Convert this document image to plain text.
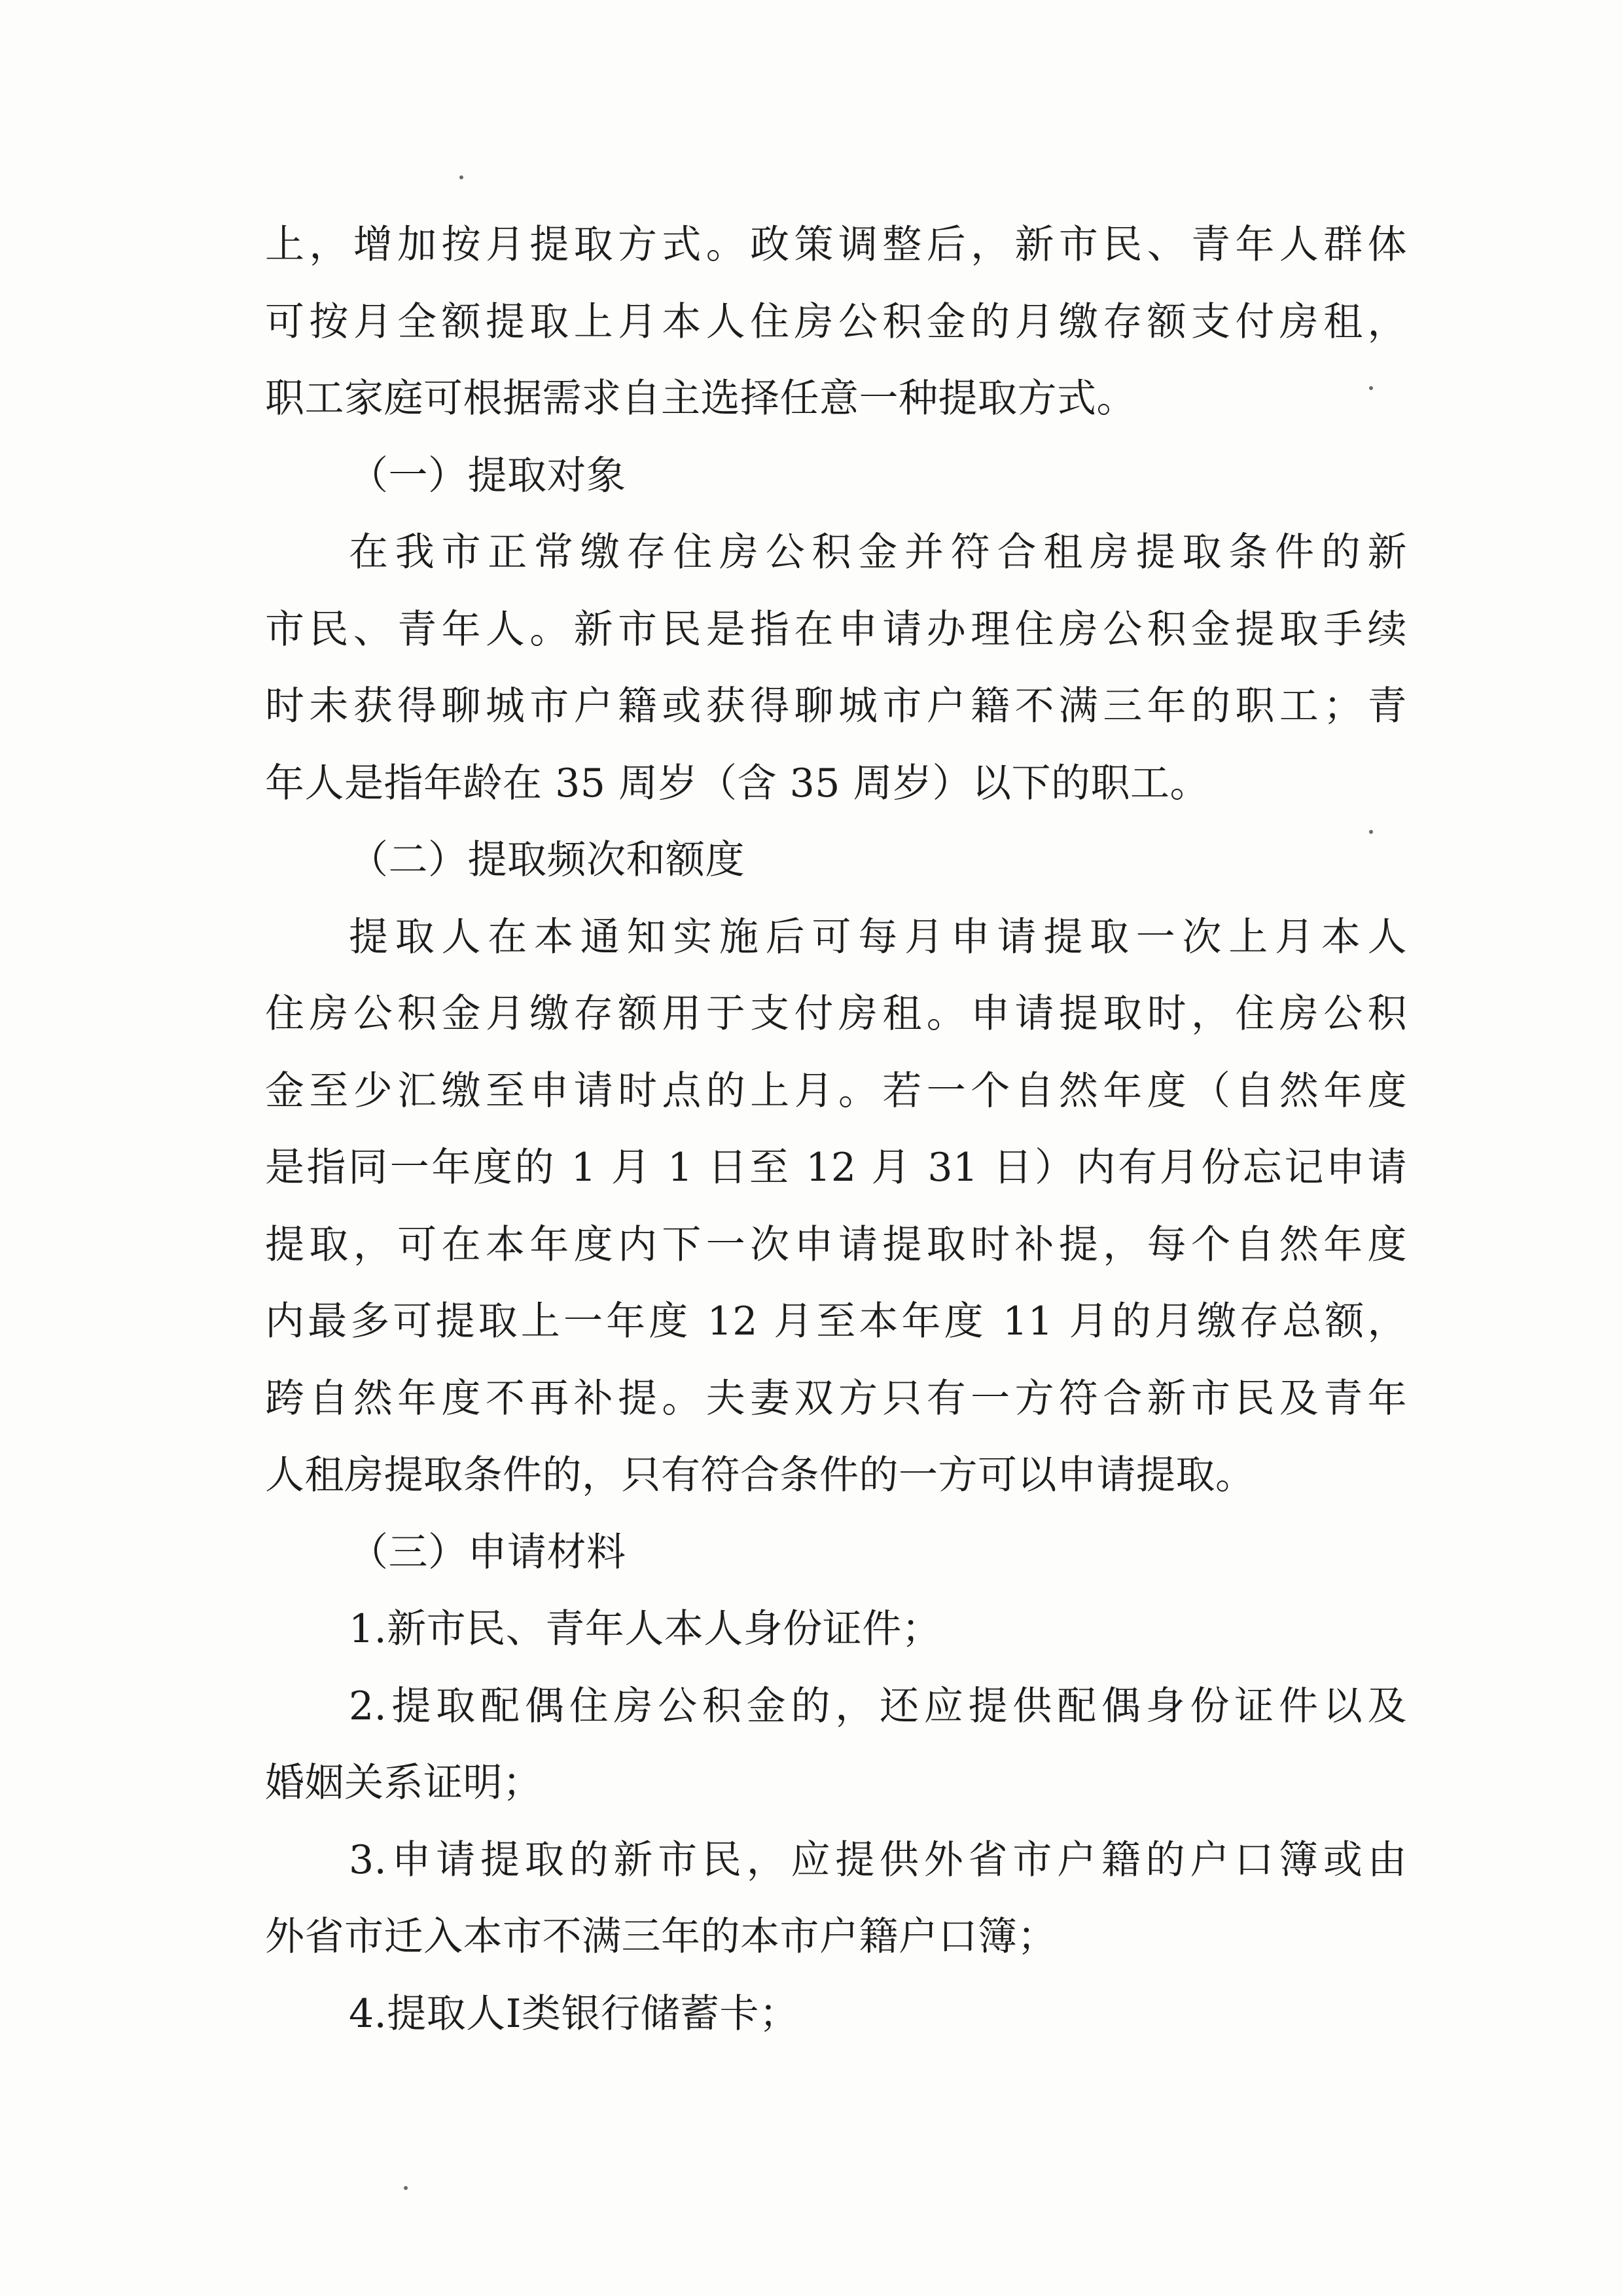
上，增加按月提取方式。政策调整后，新市民、青年人群体
可按月全额提取上月本人住房公积金的月缴存额支付房租，
职工家庭可根据需求自主选择任意一种提取方式。
（一）提取对象
在我市正常缴存住房公积金并符合租房提取条件的新
市民、青年人。新市民是指在申请办理住房公积金提取手续
时未获得聊城市户籍或获得聊城市户籍不满三年的职工；青
年人是指年龄在 35 周岁（含 35 周岁）以下的职工。
（二）提取频次和额度
提取人在本通知实施后可每月申请提取一次上月本人
住房公积金月缴存额用于支付房租。申请提取时，住房公积
金至少汇缴至申请时点的上月。若一个自然年度（自然年度
是指同一年度的 1 月 1 日至 12 月 31 日）内有月份忘记申请
提取，可在本年度内下一次申请提取时补提，每个自然年度
内最多可提取上一年度 12 月至本年度 11 月的月缴存总额，
跨自然年度不再补提。夫妻双方只有一方符合新市民及青年
人租房提取条件的，只有符合条件的一方可以申请提取。
（三）申请材料
1.新市民、青年人本人身份证件；
2.提取配偶住房公积金的，还应提供配偶身份证件以及
婚姻关系证明；
3.申请提取的新市民，应提供外省市户籍的户口簿或由
外省市迁入本市不满三年的本市户籍户口簿；
4.提取人Ⅰ类银行储蓄卡；
